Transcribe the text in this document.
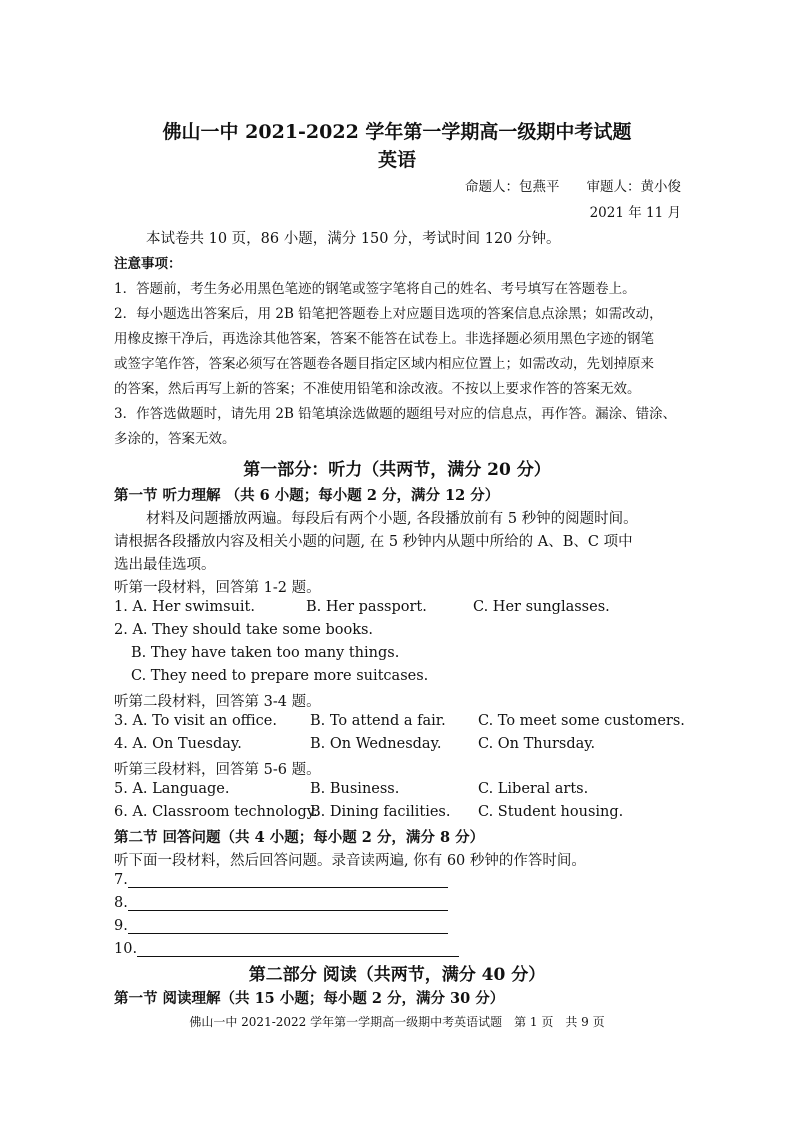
佛山一中 2021-2022 学年第一学期高一级期中考试题
英语
命题人：包燕平　　审题人：黄小俊
2021 年 11 月
本试卷共 10 页，86 小题，满分 150 分，考试时间 120 分钟。
注意事项：
1．答题前，考生务必用黑色笔迹的钢笔或签字笔将自己的姓名、考号填写在答题卷上。
2．每小题选出答案后，用 2B 铅笔把答题卷上对应题目选项的答案信息点涂黑；如需改动，
用橡皮擦干净后，再选涂其他答案，答案不能答在试卷上。非选择题必须用黑色字迹的钢笔
或签字笔作答，答案必须写在答题卷各题目指定区域内相应位置上；如需改动，先划掉原来
的答案，然后再写上新的答案；不准使用铅笔和涂改液。不按以上要求作答的答案无效。
3．作答选做题时，请先用 2B 铅笔填涂选做题的题组号对应的信息点，再作答。漏涂、错涂、
多涂的，答案无效。
第一部分：听力（共两节，满分 20 分）
第一节 听力理解 （共 6 小题；每小题 2 分，满分 12 分）
材料及问题播放两遍。每段后有两个小题, 各段播放前有 5 秒钟的阅题时间。
请根据各段播放内容及相关小题的问题, 在 5 秒钟内从题中所给的 A、B、C 项中
选出最佳选项。
听第一段材料，回答第 1-2 题。
1. A. Her swimsuit.	B. Her passport.	C. Her sunglasses.
2. A. They should take some books.
B. They have taken too many things.
C. They need to prepare more suitcases.
听第二段材料，回答第 3-4 题。
3. A. To visit an office. B. To attend a fair. C. To meet some customers.
4. A. On Tuesday.	B. On Wednesday.	C. On Thursday.
听第三段材料，回答第 5-6 题。
5. A. Language.	B. Business.	C. Liberal arts.
6. A. Classroom technology.
B. Dining facilities. C. Student housing.
第二节 回答问题（共 4 小题；每小题 2 分，满分 8 分）
听下面一段材料，然后回答问题。录音读两遍, 你有 60 秒钟的作答时间。
7.
8.
9.
10.
第二部分 阅读（共两节，满分 40 分）
第一节 阅读理解（共 15 小题；每小题 2 分，满分 30 分）
佛山一中 2021-2022 学年第一学期高一级期中考英语试题　第 1 页　共 9 页
